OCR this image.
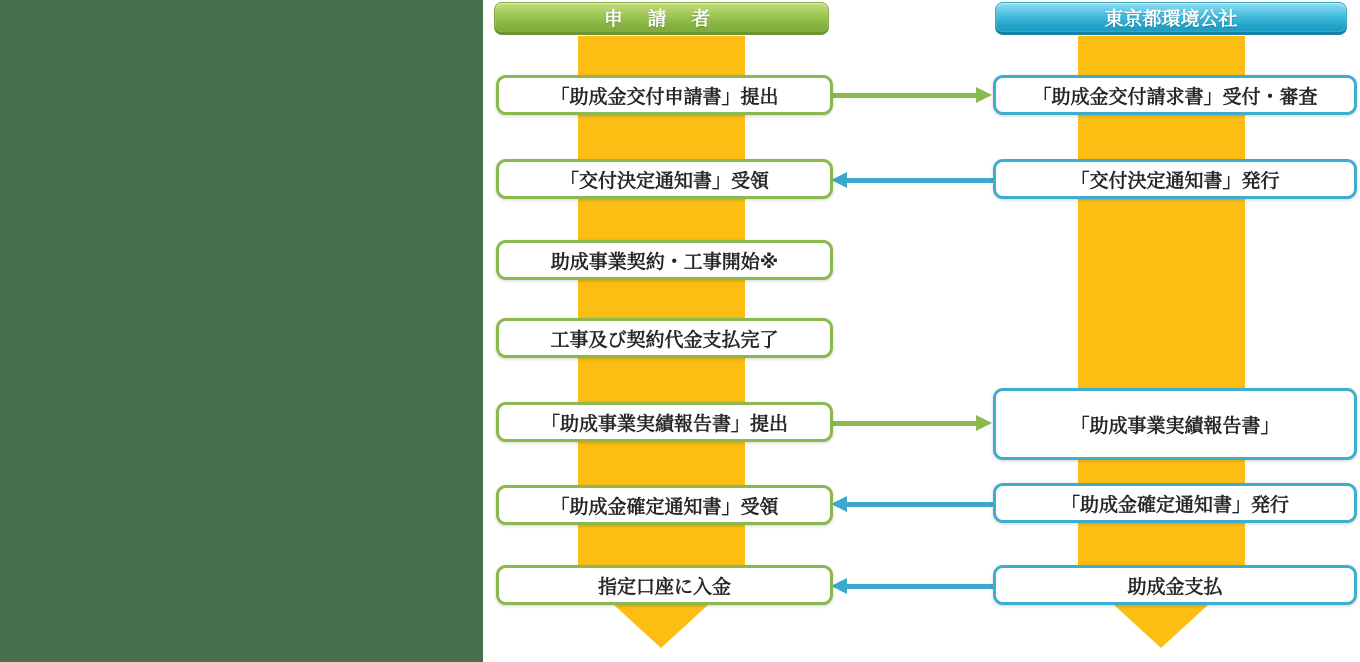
申 請 者	東京都環境公社
「助成金交付申請書」提出
「交付決定通知書」受領
助成事業契約・工事開始※
工事及び契約代金支払完了
「助成事業実績報告書」提出
「助成金確定通知書」受領
指定口座に入金
「助成金交付請求書」受付・審査
「交付決定通知書」発行
「助成事業実績報告書」
「助成金確定通知書」発行
助成金支払
